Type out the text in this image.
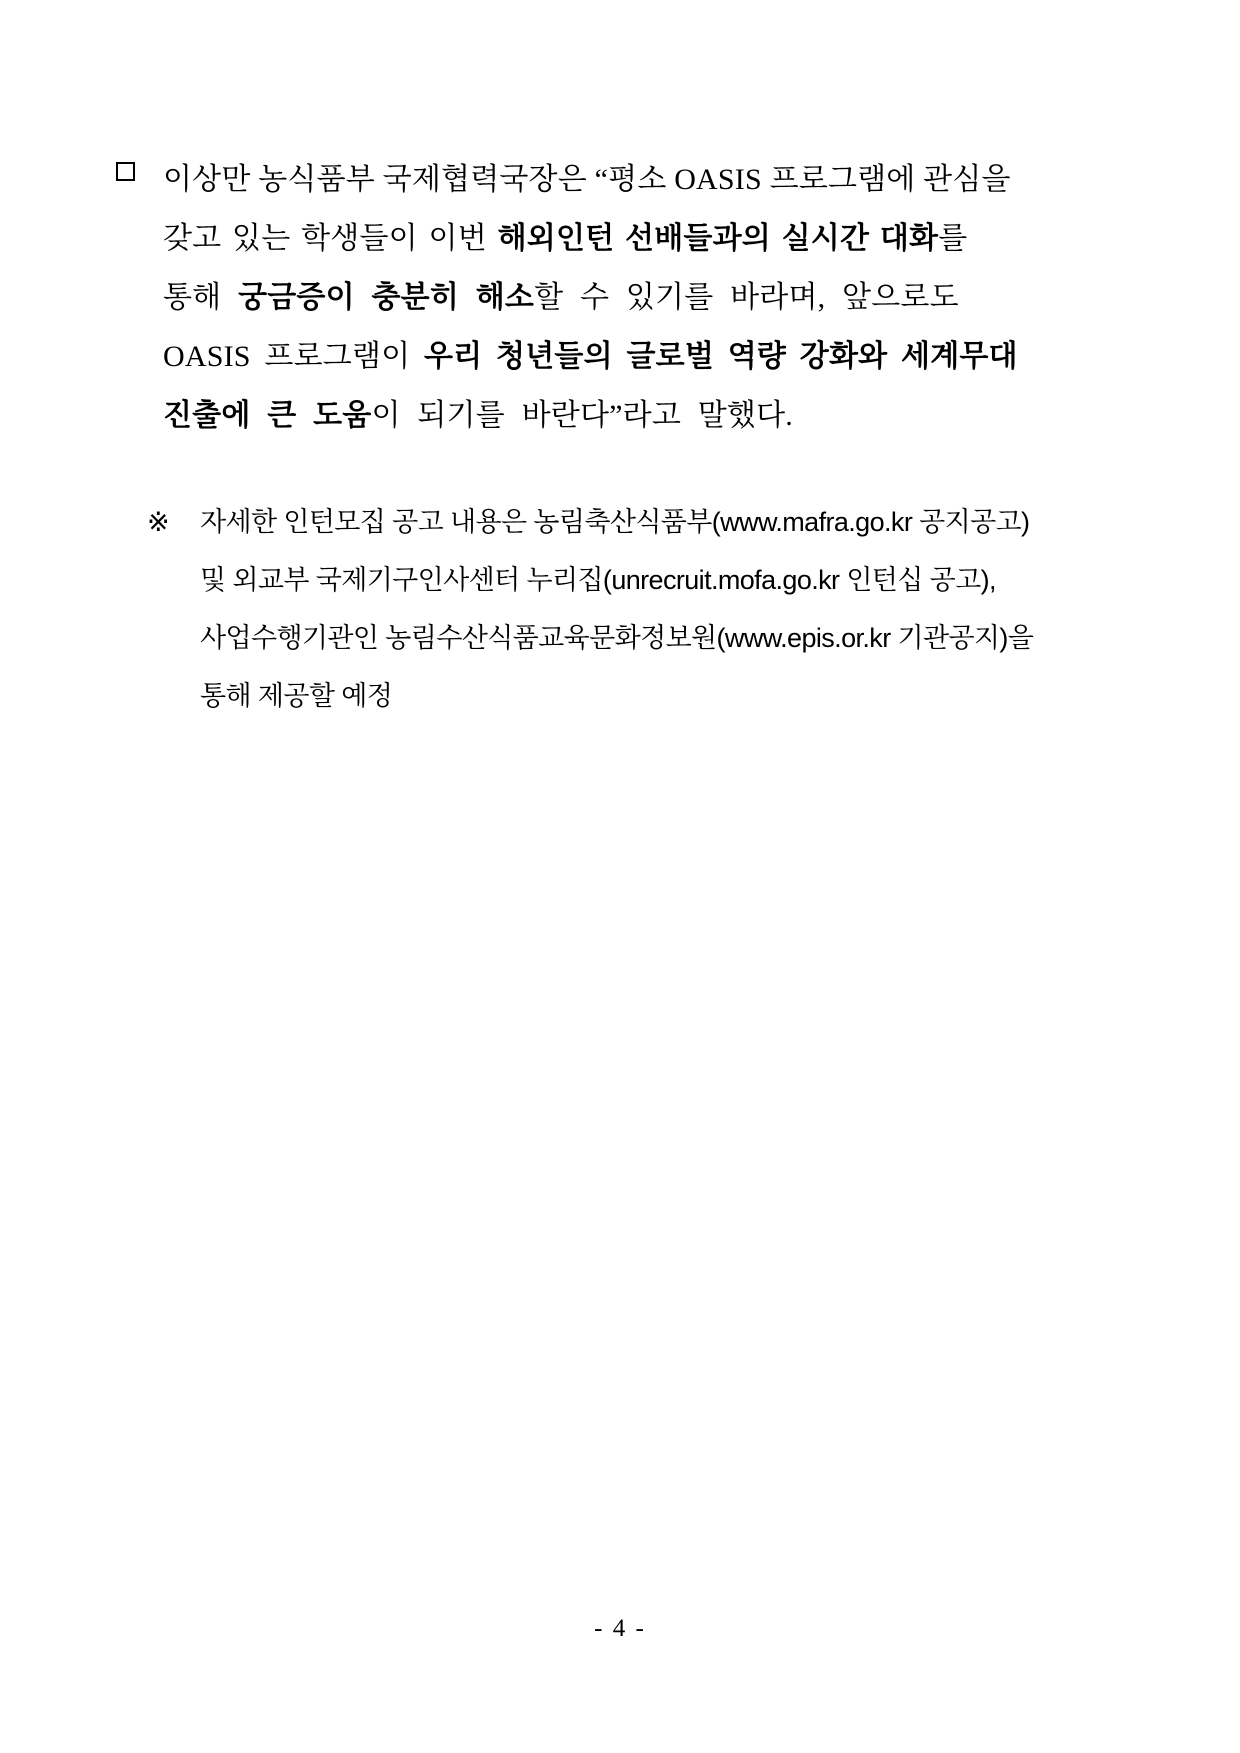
이상만 농식품부 국제협력국장은 “평소 OASIS 프로그램에 관심을
갖고 있는 학생들이 이번 해외인턴 선배들과의 실시간 대화를
통해 궁금증이 충분히 해소할 수 있기를 바라며, 앞으로도
OASIS 프로그램이 우리 청년들의 글로벌 역량 강화와 세계무대
진출에 큰 도움이 되기를 바란다”라고 말했다.
※ 자세한 인턴모집 공고 내용은 농림축산식품부(www.mafra.go.kr 공지공고)
및 외교부 국제기구인사센터 누리집(unrecruit.mofa.go.kr 인턴십 공고),
사업수행기관인 농림수산식품교육문화정보원(www.epis.or.kr 기관공지)을
통해 제공할 예정
- 4 -
